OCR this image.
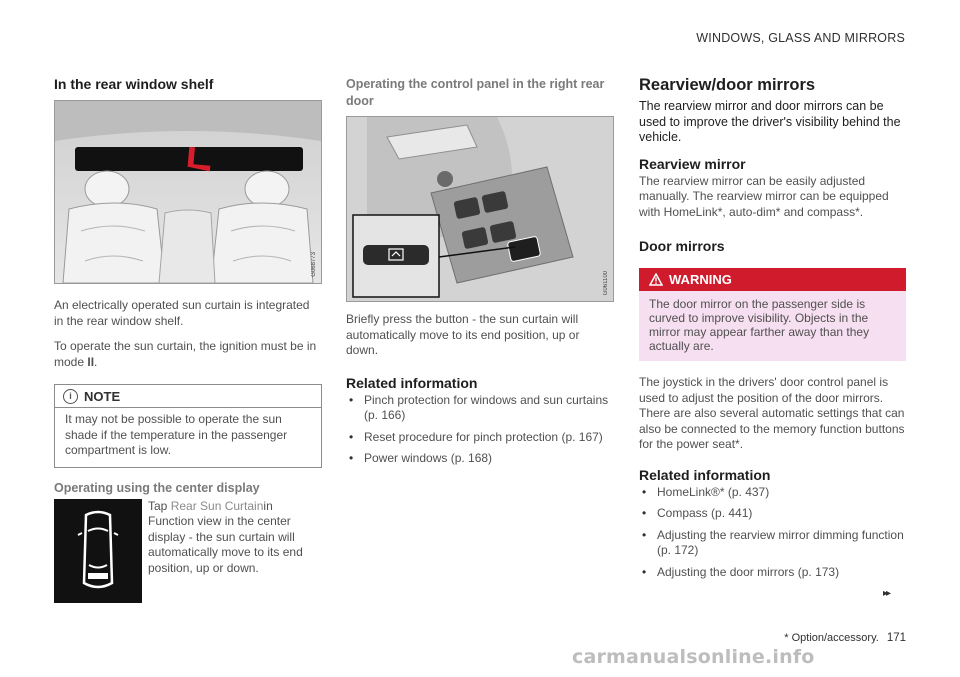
WINDOWS, GLASS AND MIRRORS
In the rear window shelf
G068773

An electrically operated sun curtain is integrated in the rear window shelf.

To operate the sun curtain, the ignition must be in mode II.

i NOTE
It may not be possible to operate the sun shade if the temperature in the passenger compartment is low.
Operating using the center display
Tap Rear Sun Curtainin Function view in the center display - the sun curtain will automatically move to its end position, up or down.
Operating the control panel in the right rear door
G061100

Briefly press the button - the sun curtain will automatically move to its end position, up or down.

Related information
• Pinch protection for windows and sun curtains (p. 166)
• Reset procedure for pinch protection (p. 167)
• Power windows (p. 168)
Rearview/door mirrors

The rearview mirror and door mirrors can be used to improve the driver's visibility behind the vehicle.

Rearview mirror

The rearview mirror can be easily adjusted manually. The rearview mirror can be equipped with HomeLink*, auto-dim* and compass*.

Door mirrors
WARNING
The door mirror on the passenger side is curved to improve visibility. Objects in the mirror may appear farther away than they actually are.

The joystick in the drivers' door control panel is used to adjust the position of the door mirrors. There are also several automatic settings that can also be connected to the memory function buttons for the power seat*.

Related information
• HomeLink®* (p. 437)
• Compass (p. 441)
• Adjusting the rearview mirror dimming function (p. 172)
• Adjusting the door mirrors (p. 173)
▸▸
* Option/accessory. 171
carmanualsonline.info
